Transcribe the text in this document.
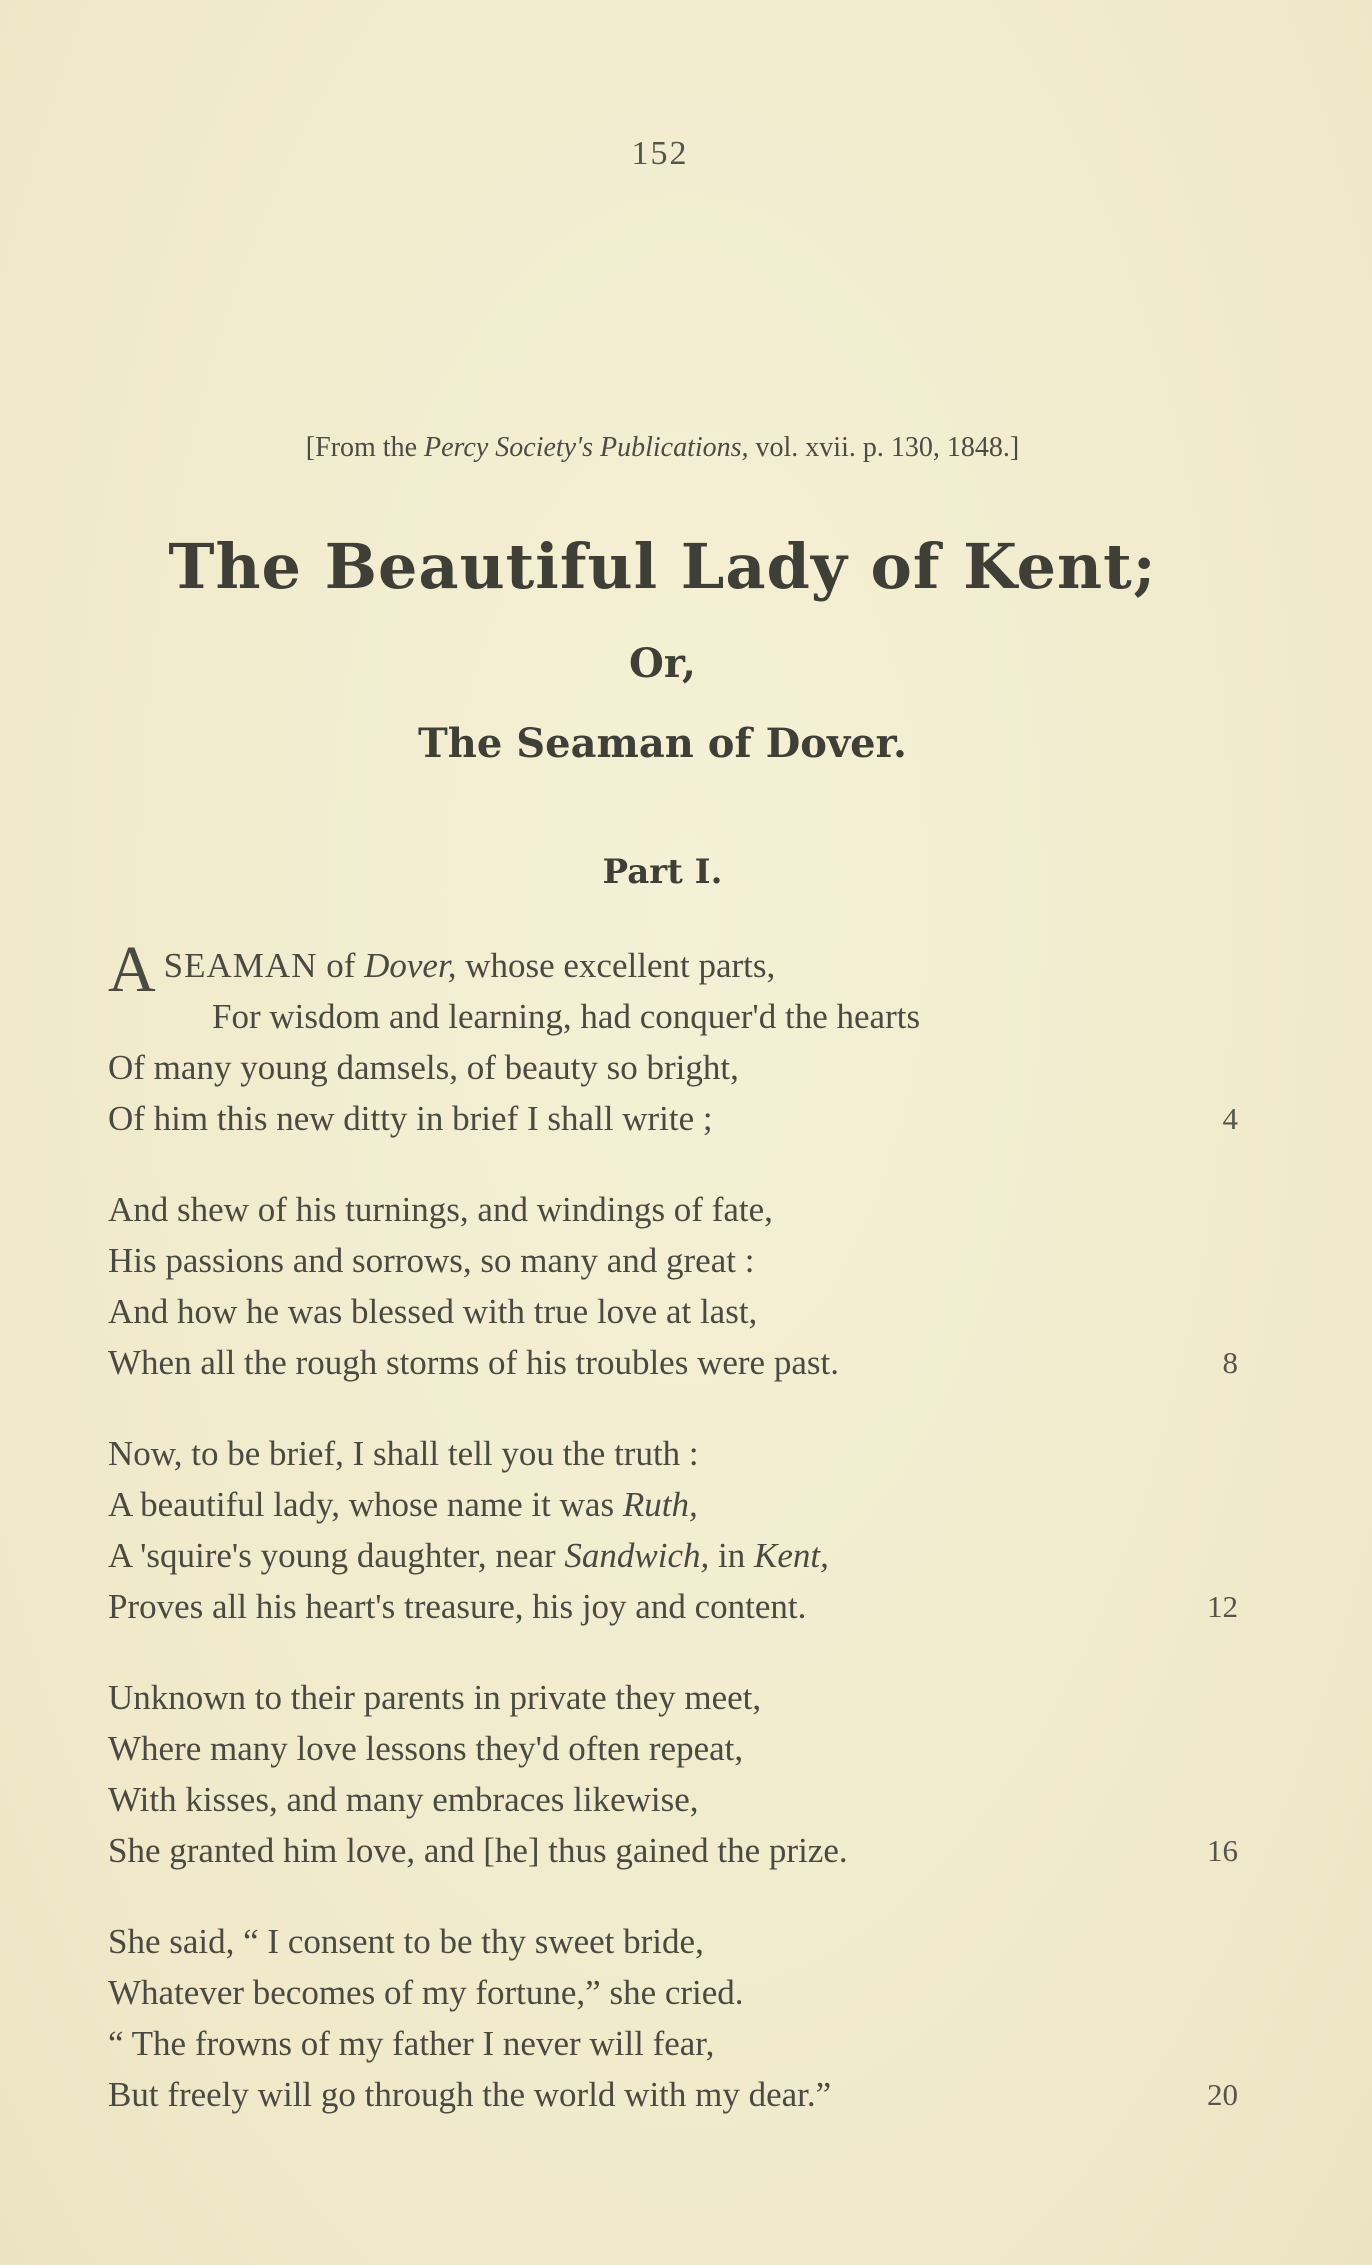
152
[From the Percy Society's Publications, vol. xvii. p. 130, 1848.]
The Beautiful Lady of Kent;
Or,
The Seaman of Dover.
Part I.
ASEAMAN of Dover, whose excellent parts,
For wisdom and learning, had conquer'd the hearts
Of many young damsels, of beauty so bright,
Of him this new ditty in brief I shall write ;	4
And shew of his turnings, and windings of fate,
His passions and sorrows, so many and great :
And how he was blessed with true love at last,
When all the rough storms of his troubles were past.	8
Now, to be brief, I shall tell you the truth :
A beautiful lady, whose name it was Ruth,
A 'squire's young daughter, near Sandwich, in Kent,
Proves all his heart's treasure, his joy and content.	12
Unknown to their parents in private they meet,
Where many love lessons they'd often repeat,
With kisses, and many embraces likewise,
She granted him love, and [he] thus gained the prize.	16
She said, “ I consent to be thy sweet bride,
Whatever becomes of my fortune,” she cried.
“ The frowns of my father I never will fear,
But freely will go through the world with my dear.”	20
